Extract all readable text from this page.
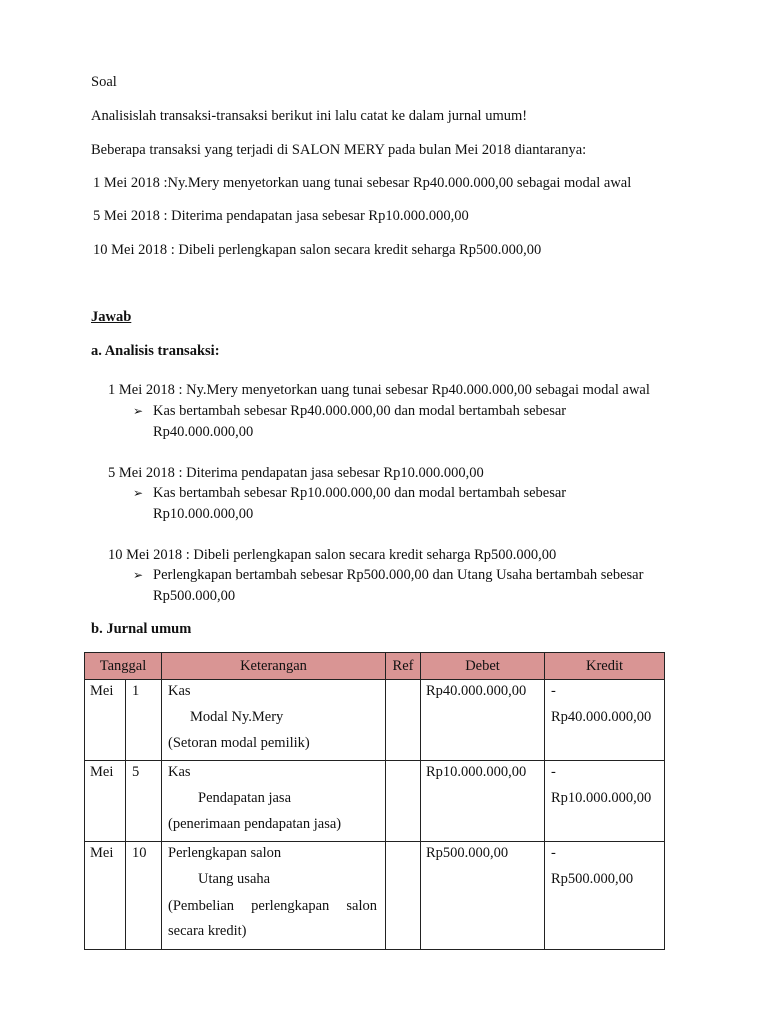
Soal
Analisislah transaksi-transaksi berikut ini lalu catat ke dalam jurnal umum!
Beberapa transaksi yang terjadi di SALON MERY pada bulan Mei 2018 diantaranya:
1 Mei 2018 :Ny.Mery menyetorkan uang tunai sebesar Rp40.000.000,00 sebagai modal awal
5 Mei 2018 : Diterima pendapatan jasa sebesar Rp10.000.000,00
10 Mei 2018 : Dibeli perlengkapan salon secara kredit seharga Rp500.000,00
Jawab
a. Analisis transaksi:
1 Mei 2018 : Ny.Mery menyetorkan uang tunai sebesar Rp40.000.000,00 sebagai modal awal
➢ Kas bertambah sebesar Rp40.000.000,00 dan modal bertambah sebesar
Rp40.000.000,00
5 Mei 2018 : Diterima pendapatan jasa sebesar Rp10.000.000,00
➢ Kas bertambah sebesar Rp10.000.000,00 dan modal bertambah sebesar
Rp10.000.000,00
10 Mei 2018 : Dibeli perlengkapan salon secara kredit seharga Rp500.000,00
➢ Perlengkapan bertambah sebesar Rp500.000,00 dan Utang Usaha bertambah sebesar
Rp500.000,00
b. Jurnal umum
Tanggal		Keterangan	Ref	Debet	Kredit

Mei	1	Kas
Modal Ny.Mery
(Setoran modal pemilik)		Rp40.000.000,00	-
Rp40.000.000,00

Mei	5	Kas
Pendapatan jasa
(penerimaan pendapatan jasa)		Rp10.000.000,00	-
Rp10.000.000,00

Mei	10	Perlengkapan salon
Utang usaha
(Pembelian perlengkapan salon
secara kredit)		Rp500.000,00	-
Rp500.000,00
